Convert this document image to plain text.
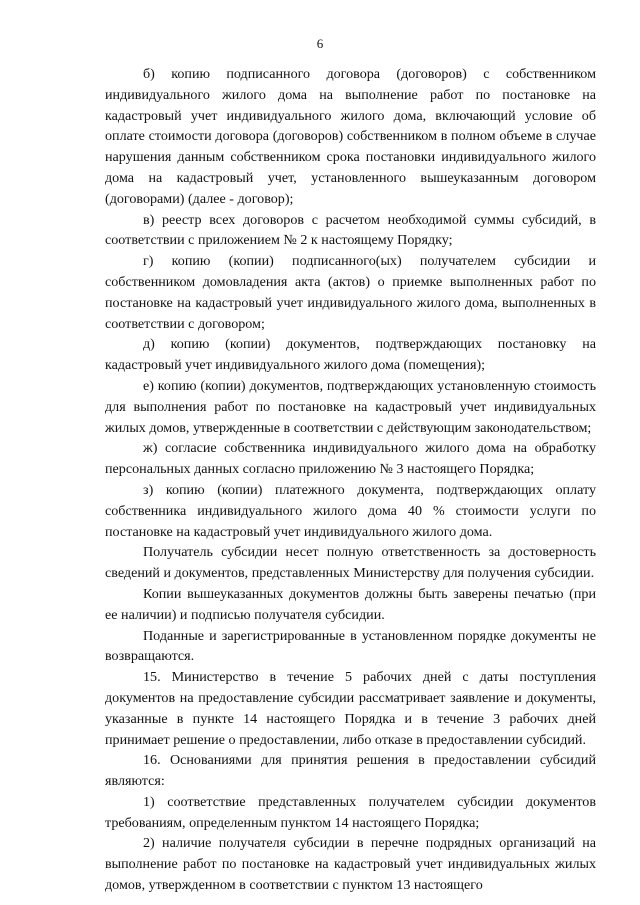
6

б) копию подписанного договора (договоров) с собственником индивидуального жилого дома на выполнение работ по постановке на кадастровый учет индивидуального жилого дома, включающий условие об оплате стоимости договора (договоров) собственником в полном объеме в случае нарушения данным собственником срока постановки индивидуального жилого дома на кадастровый учет, установленного вышеуказанным договором (договорами) (далее - договор);

в) реестр всех договоров с расчетом необходимой суммы субсидий, в соответствии с приложением № 2 к настоящему Порядку;

г) копию (копии) подписанного(ых) получателем субсидии и собственником домовладения акта (актов) о приемке выполненных работ по постановке на кадастровый учет индивидуального жилого дома, выполненных в соответствии с договором;

д) копию (копии) документов, подтверждающих постановку на кадастровый учет индивидуального жилого дома (помещения);

е) копию (копии) документов, подтверждающих установленную стоимость для выполнения работ по постановке на кадастровый учет индивидуальных жилых домов, утвержденные в соответствии с действующим законодательством;

ж) согласие собственника индивидуального жилого дома на обработку персональных данных согласно приложению № 3 настоящего Порядка;

з) копию (копии) платежного документа, подтверждающих оплату собственника индивидуального жилого дома 40 % стоимости услуги по постановке на кадастровый учет индивидуального жилого дома.

Получатель субсидии несет полную ответственность за достоверность сведений и документов, представленных Министерству для получения субсидии.

Копии вышеуказанных документов должны быть заверены печатью (при ее наличии) и подписью получателя субсидии.

Поданные и зарегистрированные в установленном порядке документы не возвращаются.

15. Министерство в течение 5 рабочих дней с даты поступления документов на предоставление субсидии рассматривает заявление и документы, указанные в пункте 14 настоящего Порядка и в течение 3 рабочих дней принимает решение о предоставлении, либо отказе в предоставлении субсидий.

16. Основаниями для принятия решения в предоставлении субсидий являются:

1) соответствие представленных получателем субсидии документов требованиям, определенным пунктом 14 настоящего Порядка;

2) наличие получателя субсидии в перечне подрядных организаций на выполнение работ по постановке на кадастровый учет индивидуальных жилых домов, утвержденном в соответствии с пунктом 13 настоящего
